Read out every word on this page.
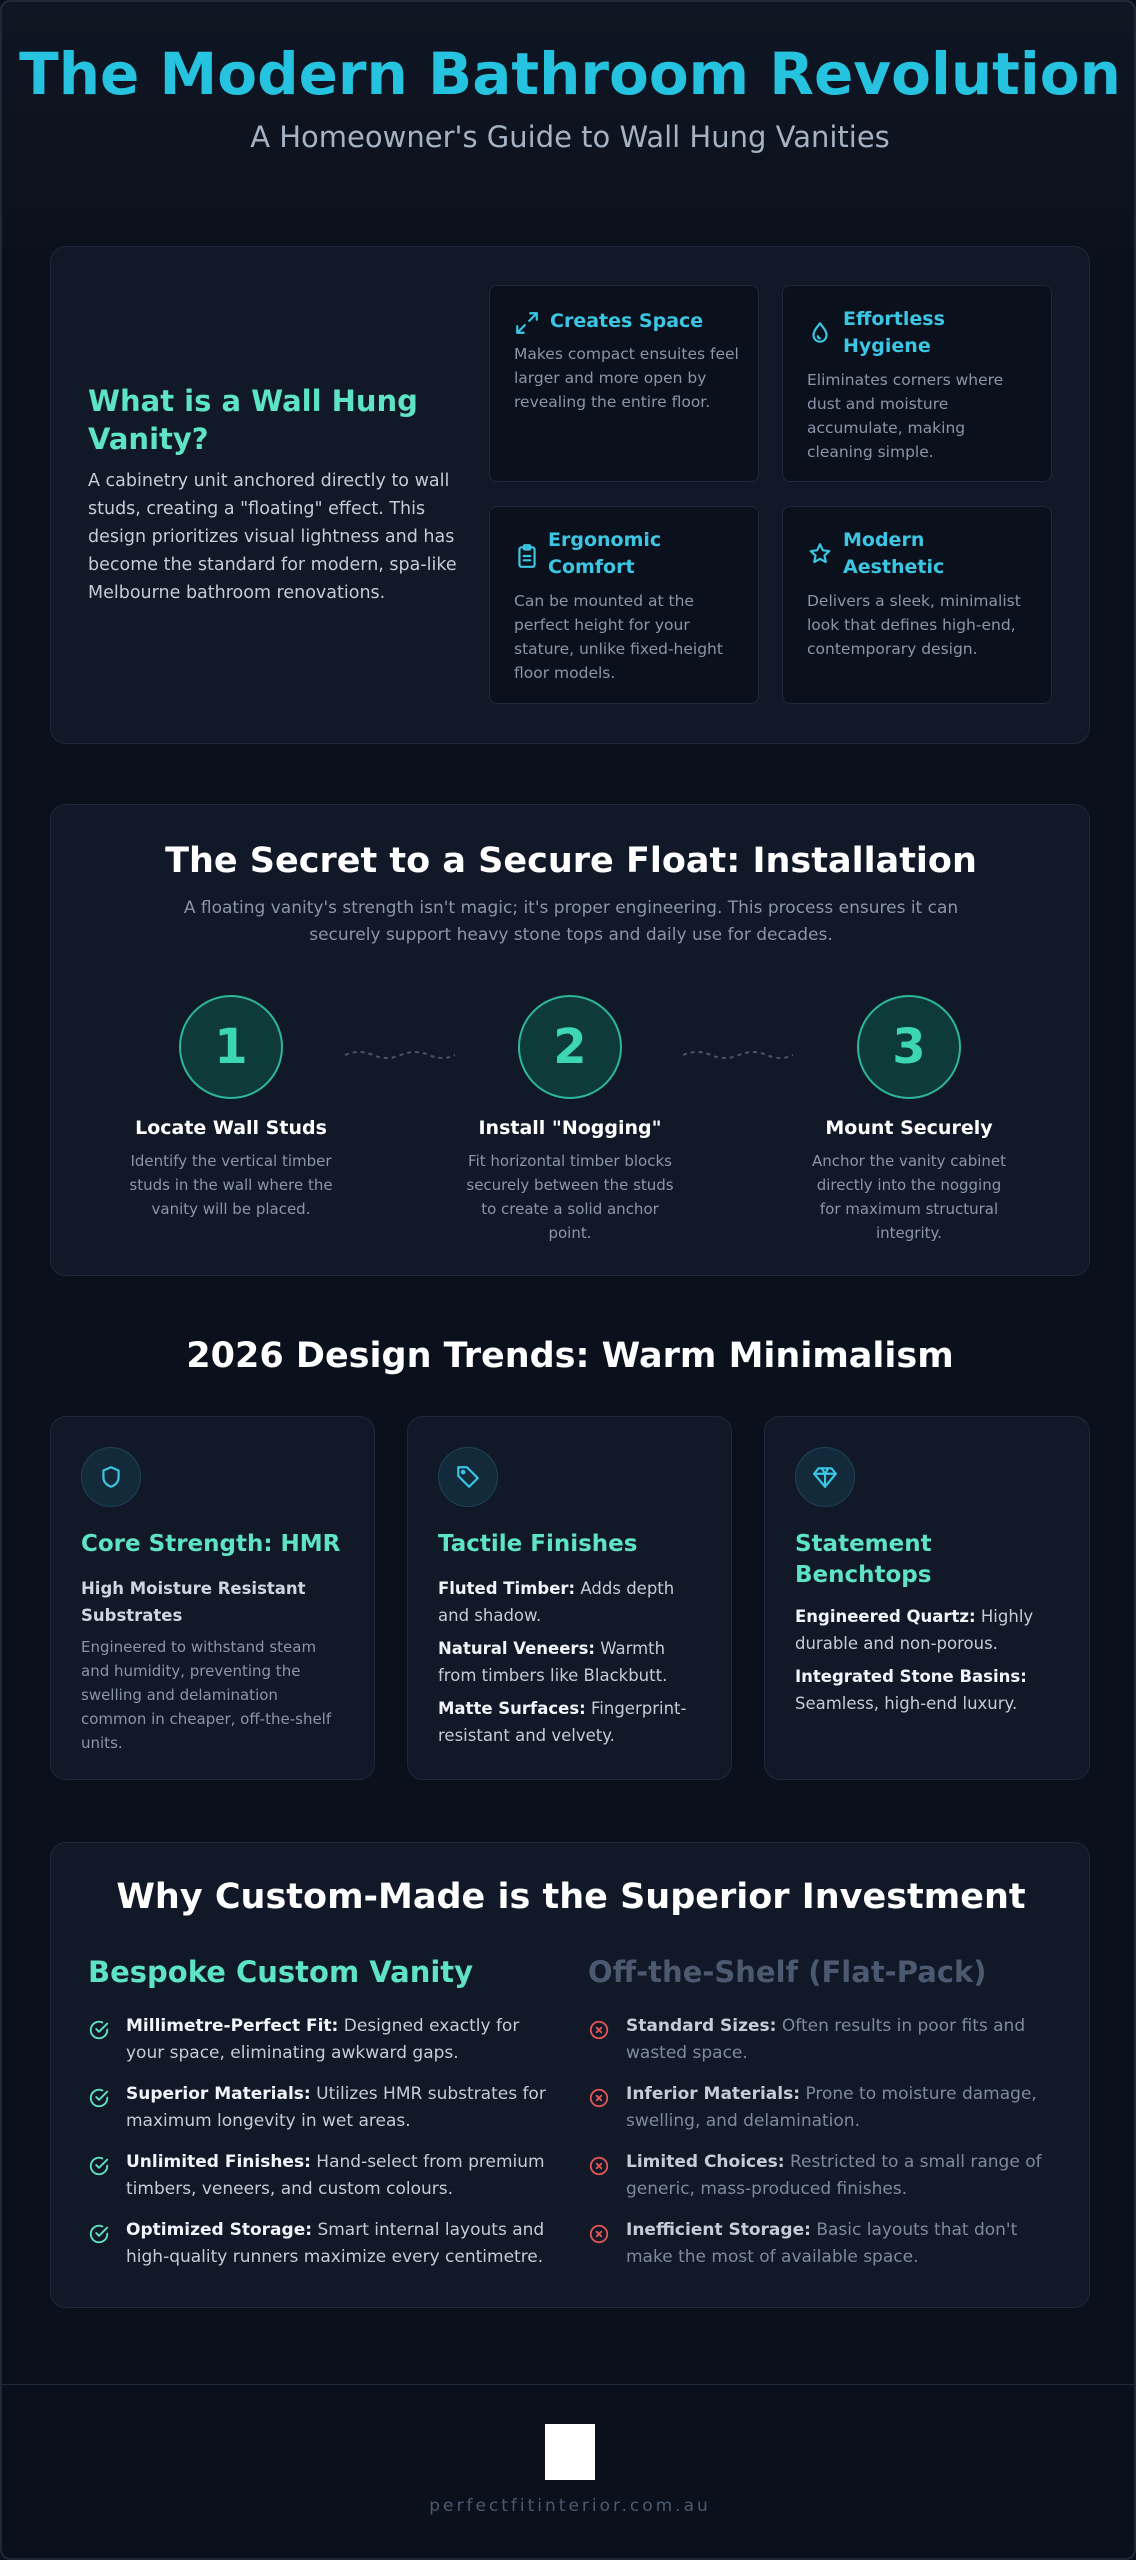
The Modern Bathroom Revolution
A Homeowner's Guide to Wall Hung Vanities
What is a Wall Hung Vanity?
A cabinetry unit anchored directly to wall studs, creating a "floating" effect. This design prioritizes visual lightness and has become the standard for modern, spa-like Melbourne bathroom renovations.
Creates Space
Makes compact ensuites feel larger and more open by revealing the entire floor.
Effortless Hygiene
Eliminates corners where dust and moisture accumulate, making cleaning simple.
Ergonomic Comfort
Can be mounted at the perfect height for your stature, unlike fixed-height floor models.
Modern Aesthetic
Delivers a sleek, minimalist look that defines high-end, contemporary design.
The Secret to a Secure Float: Installation
A floating vanity's strength isn't magic; it's proper engineering. This process ensures it can securely support heavy stone tops and daily use for decades.
1
Locate Wall Studs
Identify the vertical timber studs in the wall where the vanity will be placed.
2
Install "Nogging"
Fit horizontal timber blocks securely between the studs to create a solid anchor point.
3
Mount Securely
Anchor the vanity cabinet directly into the nogging for maximum structural integrity.
2026 Design Trends: Warm Minimalism
Core Strength: HMR
High Moisture Resistant Substrates
Engineered to withstand steam and humidity, preventing the swelling and delamination common in cheaper, off-the-shelf units.
Tactile Finishes
Fluted Timber: Adds depth and shadow.
Natural Veneers: Warmth from timbers like Blackbutt.
Matte Surfaces: Fingerprint-resistant and velvety.
Statement Benchtops
Engineered Quartz: Highly durable and non-porous.
Integrated Stone Basins: Seamless, high-end luxury.
Why Custom-Made is the Superior Investment
Bespoke Custom Vanity	Off-the-Shelf (Flat-Pack)
Millimetre-Perfect Fit: Designed exactly for your space, eliminating awkward gaps.
Superior Materials: Utilizes HMR substrates for maximum longevity in wet areas.
Unlimited Finishes: Hand-select from premium timbers, veneers, and custom colours.
Optimized Storage: Smart internal layouts and high-quality runners maximize every centimetre.
Standard Sizes: Often results in poor fits and wasted space.
Inferior Materials: Prone to moisture damage, swelling, and delamination.
Limited Choices: Restricted to a small range of generic, mass-produced finishes.
Inefficient Storage: Basic layouts that don't make the most of available space.
perfectfitinterior.com.au
